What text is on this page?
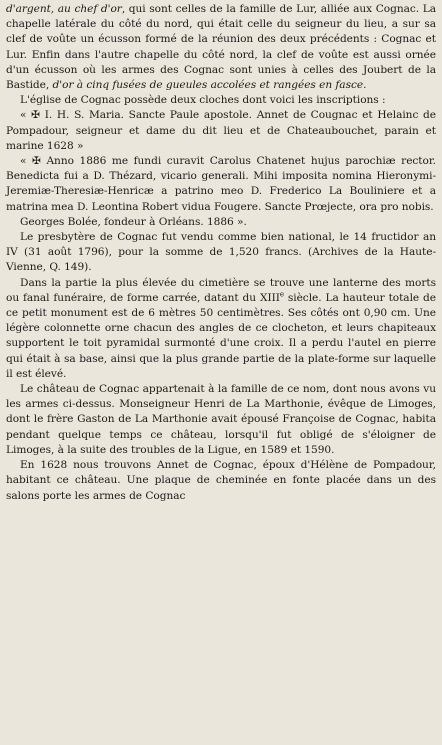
d'argent, au chef d'or, qui sont celles de la famille de Lur, alliée aux Cognac. La chapelle latérale du côté du nord, qui était celle du seigneur du lieu, a sur sa clef de voûte un écusson formé de la réunion des deux précédents : Cognac et Lur. Enfin dans l'autre chapelle du côté nord, la clef de voûte est aussi ornée d'un écusson où les armes des Cognac sont unies à celles des Joubert de la Bastide, d'or à cinq fusées de gueules accolées et rangées en fasce.

L'église de Cognac possède deux cloches dont voici les inscriptions :

« ✠ I. H. S. Maria. Sancte Paule apostole. Annet de Cougnac et Helainc de Pompadour, seigneur et dame du dit lieu et de Chateaubouchet, parain et marine 1628 »

« ✠ Anno 1886 me fundi curavit Carolus Chatenet hujus parochiæ rector. Benedicta fui a D. Thézard, vicario generali. Mihi imposita nomina Hieronymi-Jeremiæ-Theresiæ-Henricæ a patrino meo D. Frederico La Bouliniere et a matrina mea D. Leontina Robert vidua Fougere. Sancte Prœjecte, ora pro nobis.

Georges Bolée, fondeur à Orléans. 1886 ».

Le presbytère de Cognac fut vendu comme bien national, le 14 fructidor an IV (31 août 1796), pour la somme de 1,520 francs. (Archives de la Haute-Vienne, Q. 149).

Dans la partie la plus élevée du cimetière se trouve une lanterne des morts ou fanal funéraire, de forme carrée, datant du XIIIe siècle. La hauteur totale de ce petit monument est de 6 mètres 50 centimètres. Ses côtés ont 0,90 cm. Une légère colonnette orne chacun des angles de ce clocheton, et leurs chapiteaux supportent le toit pyramidal surmonté d'une croix. Il a perdu l'autel en pierre qui était à sa base, ainsi que la plus grande partie de la plate-forme sur laquelle il est élevé.

Le château de Cognac appartenait à la famille de ce nom, dont nous avons vu les armes ci-dessus. Monseigneur Henri de La Marthonie, évêque de Limoges, dont le frère Gaston de La Marthonie avait épousé Françoise de Cognac, habita pendant quelque temps ce château, lorsqu'il fut obligé de s'éloigner de Limoges, à la suite des troubles de la Ligue, en 1589 et 1590.

En 1628 nous trouvons Annet de Cognac, époux d'Hélène de Pompadour, habitant ce château. Une plaque de cheminée en fonte placée dans un des salons porte les armes de Cognac
